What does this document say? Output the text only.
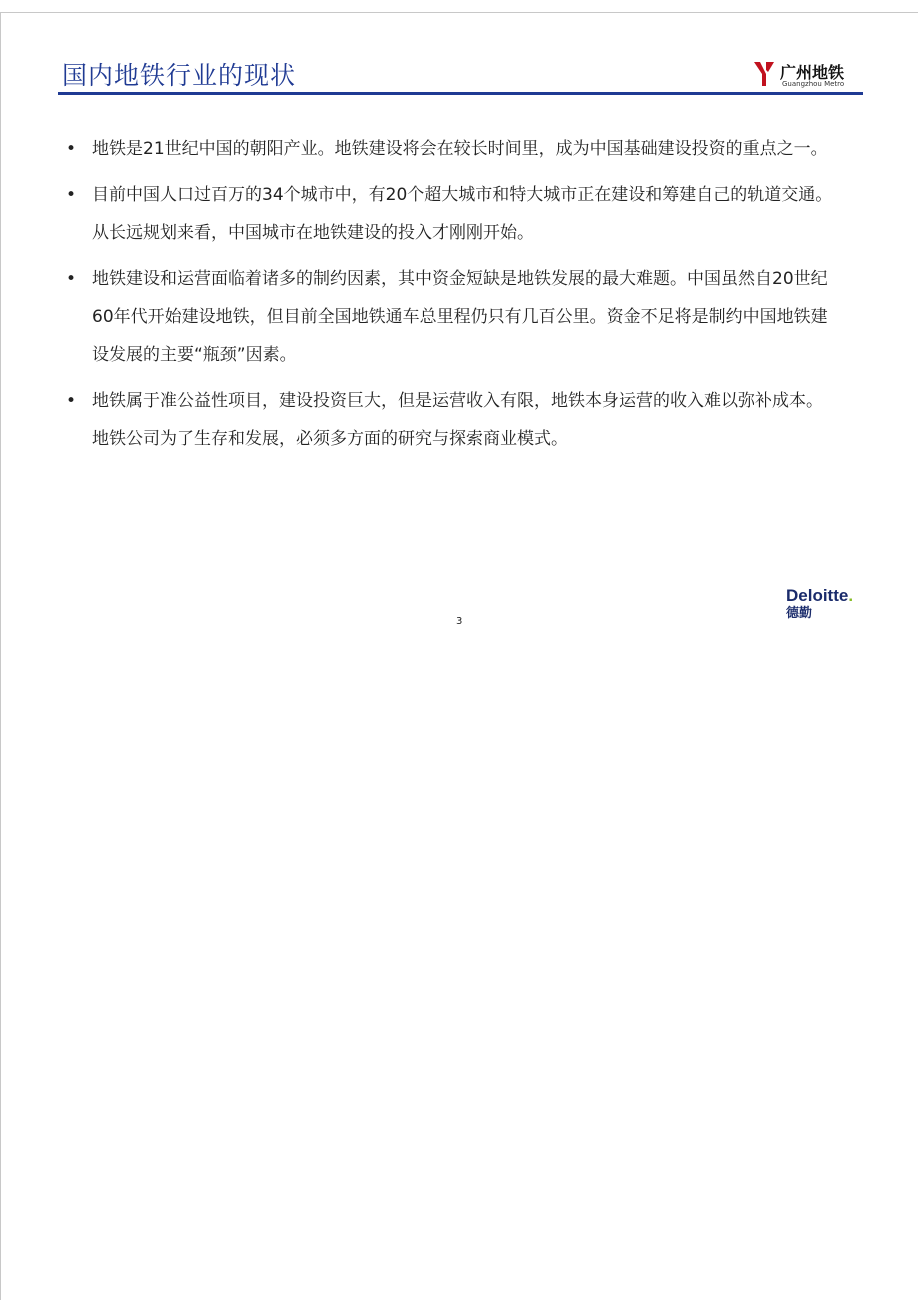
国内地铁行业的现状	广州地铁
Guangzhou Metro
• 地铁是21世纪中国的朝阳产业。地铁建设将会在较长时间里，成为中国基础建设投资的重点之一。
• 目前中国人口过百万的34个城市中，有20个超大城市和特大城市正在建设和筹建自己的轨道交通。从长远规划来看，中国城市在地铁建设的投入才刚刚开始。
• 地铁建设和运营面临着诸多的制约因素，其中资金短缺是地铁发展的最大难题。中国虽然自20世纪60年代开始建设地铁，但目前全国地铁通车总里程仍只有几百公里。资金不足将是制约中国地铁建设发展的主要“瓶颈”因素。
• 地铁属于准公益性项目，建设投资巨大，但是运营收入有限，地铁本身运营的收入难以弥补成本。地铁公司为了生存和发展，必须多方面的研究与探索商业模式。
3
Deloitte.
德勤
